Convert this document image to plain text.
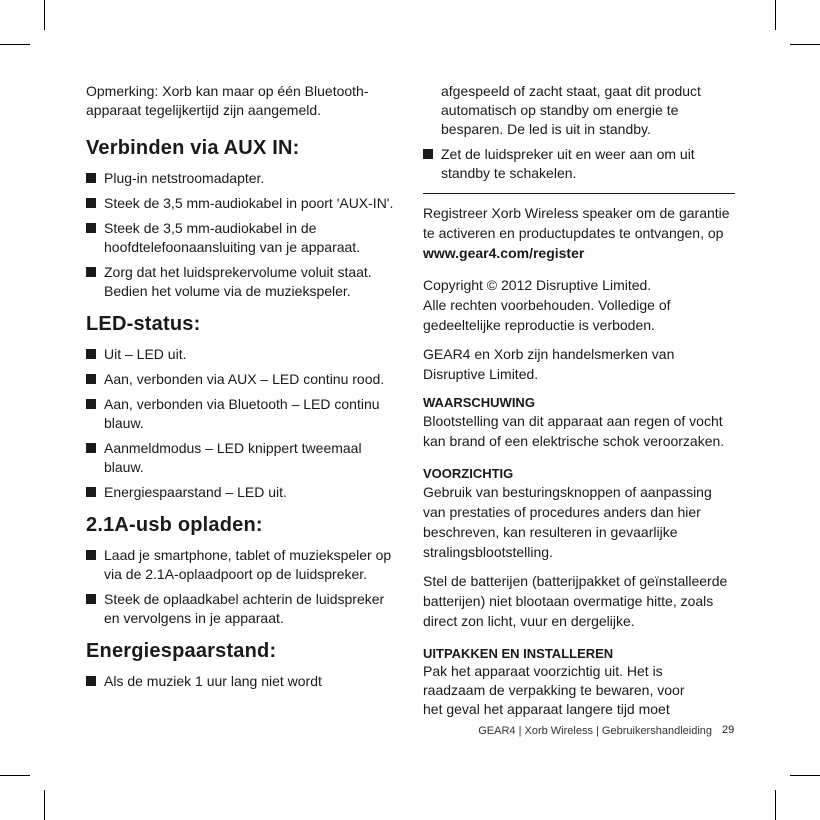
Opmerking: Xorb kan maar op één Bluetooth-apparaat tegelijkertijd zijn aangemeld.

Verbinden via AUX IN:
Plug-in netstroomadapter.
Steek de 3,5 mm-audiokabel in poort 'AUX-IN'.
Steek de 3,5 mm-audiokabel in de hoofdtelefoonaansluiting van je apparaat.
Zorg dat het luidsprekervolume voluit staat. Bedien het volume via de muziekspeler.
LED-status:
Uit – LED uit.
Aan, verbonden via AUX – LED continu rood.
Aan, verbonden via Bluetooth – LED continu blauw.
Aanmeldmodus – LED knippert tweemaal blauw.
Energiespaarstand – LED uit.
2.1A-usb opladen:
Laad je smartphone, tablet of muziekspeler op via de 2.1A-oplaadpoort op de luidspreker.
Steek de oplaadkabel achterin de luidspreker en vervolgens in je apparaat.
Energiespaarstand:
Als de muziek 1 uur lang niet wordt

afgespeeld of zacht staat, gaat dit product automatisch op standby om energie te besparen. De led is uit in standby.

Zet de luidspreker uit en weer aan om uit standby te schakelen.

Registreer Xorb Wireless speaker om de garantie te activeren en productupdates te ontvangen, op www.gear4.com/register

Copyright © 2012 Disruptive Limited.
Alle rechten voorbehouden. Volledige of gedeeltelijke reproductie is verboden.

GEAR4 en Xorb zijn handelsmerken van Disruptive Limited.

WAARSCHUWING

Blootstelling van dit apparaat aan regen of vocht kan brand of een elektrische schok veroorzaken.

VOORZICHTIG

Gebruik van besturingsknoppen of aanpassing van prestaties of procedures anders dan hier beschreven, kan resulteren in gevaarlijke stralingsblootstelling.

Stel de batterijen (batterijpakket of geïnstalleerde batterijen) niet blootaan overmatige hitte, zoals direct zon licht, vuur en dergelijke.

UITPAKKEN EN INSTALLEREN

Pak het apparaat voorzichtig uit. Het is
raadzaam de verpakking te bewaren, voor
het geval het apparaat langere tijd moet

GEAR4 | Xorb Wireless | Gebruikershandleiding 29
